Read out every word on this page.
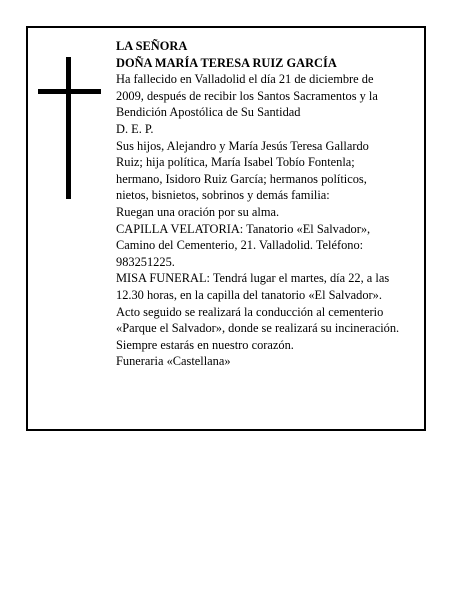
LA SEÑORA
DOÑA MARÍA TERESA RUIZ GARCÍA
Ha fallecido en Valladolid el día 21 de diciembre de
2009, después de recibir los Santos Sacramentos y la
Bendición Apostólica de Su Santidad
D. E. P.
Sus hijos, Alejandro y María Jesús Teresa Gallardo
Ruiz; hija política, María Isabel Tobío Fontenla;
hermano, Isidoro Ruiz García; hermanos políticos,
nietos, bisnietos, sobrinos y demás familia:
Ruegan una oración por su alma.
CAPILLA VELATORIA: Tanatorio «El Salvador»,
Camino del Cementerio, 21. Valladolid. Teléfono:
983251225.
MISA FUNERAL: Tendrá lugar el martes, día 22, a las
12.30 horas, en la capilla del tanatorio «El Salvador».
Acto seguido se realizará la conducción al cementerio
«Parque el Salvador», donde se realizará su incineración.
Siempre estarás en nuestro corazón.
Funeraria «Castellana»
